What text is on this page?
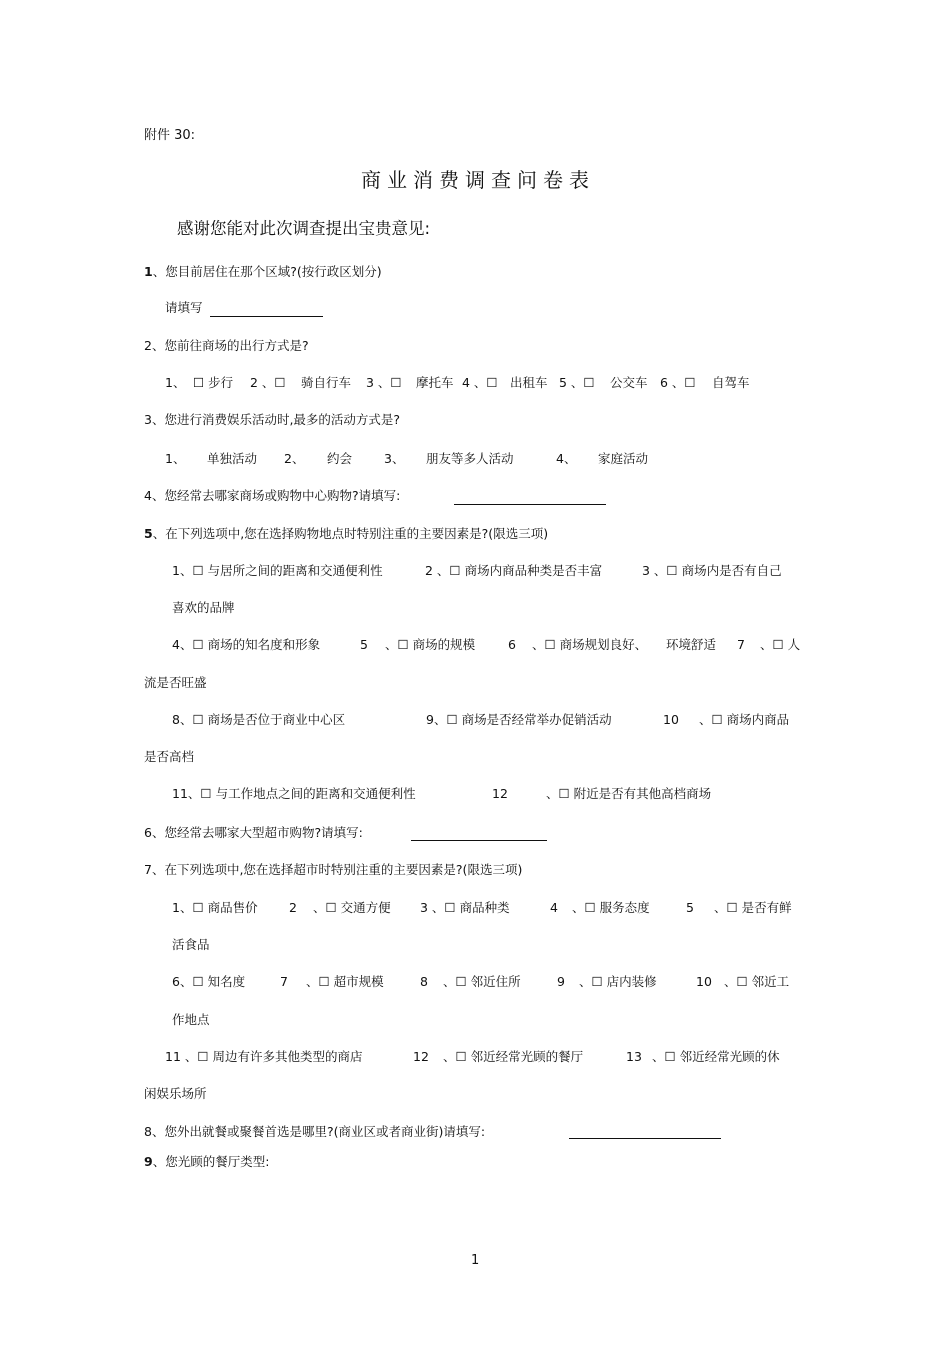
附件 30:
商业消费调查问卷表
感谢您能对此次调查提出宝贵意见:
1、您目前居住在那个区域?(按行政区划分)
请填写
2、您前往商场的出行方式是?
1、 ☐ 步行 2 、☐ 骑自行车 3 、☐ 摩托车 4 、☐ 出租车 5 、☐ 公交车 6 、☐ 自驾车
3、您进行消费娱乐活动时,最多的活动方式是?
1、 单独活动 2、 约会	3、 朋友等多人活动	4、 家庭活动
4、您经常去哪家商场或购物中心购物?请填写:
5、在下列选项中,您在选择购物地点时特别注重的主要因素是?(限选三项)
1、☐ 与居所之间的距离和交通便利性	2 、☐ 商场内商品种类是否丰富	3 、☐ 商场内是否有自己
喜欢的品牌
4、☐ 商场的知名度和形象	5 、☐ 商场的规模	6 、☐ 商场规划良好、 环境舒适 7 、☐ 人
流是否旺盛
8、☐ 商场是否位于商业中心区	9、☐ 商场是否经常举办促销活动	10 、☐ 商场内商品
是否高档
11、☐ 与工作地点之间的距离和交通便利性	12	、☐ 附近是否有其他高档商场
6、您经常去哪家大型超市购物?请填写:
7、在下列选项中,您在选择超市时特别注重的主要因素是?(限选三项)
1、☐ 商品售价	2 、☐ 交通方便 3 、☐ 商品种类	4 、☐ 服务态度	5 、☐ 是否有鲜
活食品
6、☐ 知名度	7 、☐ 超市规模	8 、☐ 邻近住所	9 、☐ 店内装修	10 、☐ 邻近工
作地点
11 、☐ 周边有许多其他类型的商店	12 、☐ 邻近经常光顾的餐厅	13 、☐ 邻近经常光顾的休
闲娱乐场所
8、您外出就餐或聚餐首选是哪里?(商业区或者商业街)请填写:
9、您光顾的餐厅类型:
1
